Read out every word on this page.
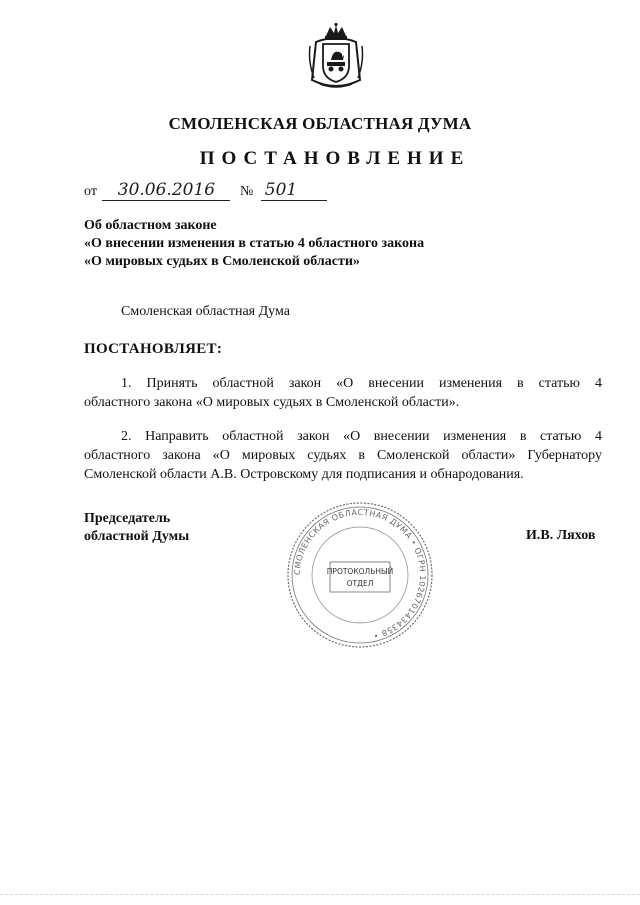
СМОЛЕНСКАЯ ОБЛАСТНАЯ ДУМА
ПОСТАНОВЛЕНИЕ
от 30.06.2016 № 501
Об областном законе
«О внесении изменения в статью 4 областного закона
«О мировых судьях в Смоленской области»
Смоленская областная Дума
ПОСТАНОВЛЯЕТ:
1. Принять областной закон «О внесении изменения в статью 4
областного закона «О мировых судьях в Смоленской области».
2. Направить областной закон «О внесении изменения в статью 4
областного закона «О мировых судьях в Смоленской области» Губернатору
Смоленской области А.В. Островскому для подписания и обнародования.
Председатель
областной Думы	И.В. Ляхов
СМОЛЕНСКАЯ ОБЛАСТНАЯ ДУМА • ОГРН 1026701434358 •
ПРОТОКОЛЬНЫЙ
ОТДЕЛ
